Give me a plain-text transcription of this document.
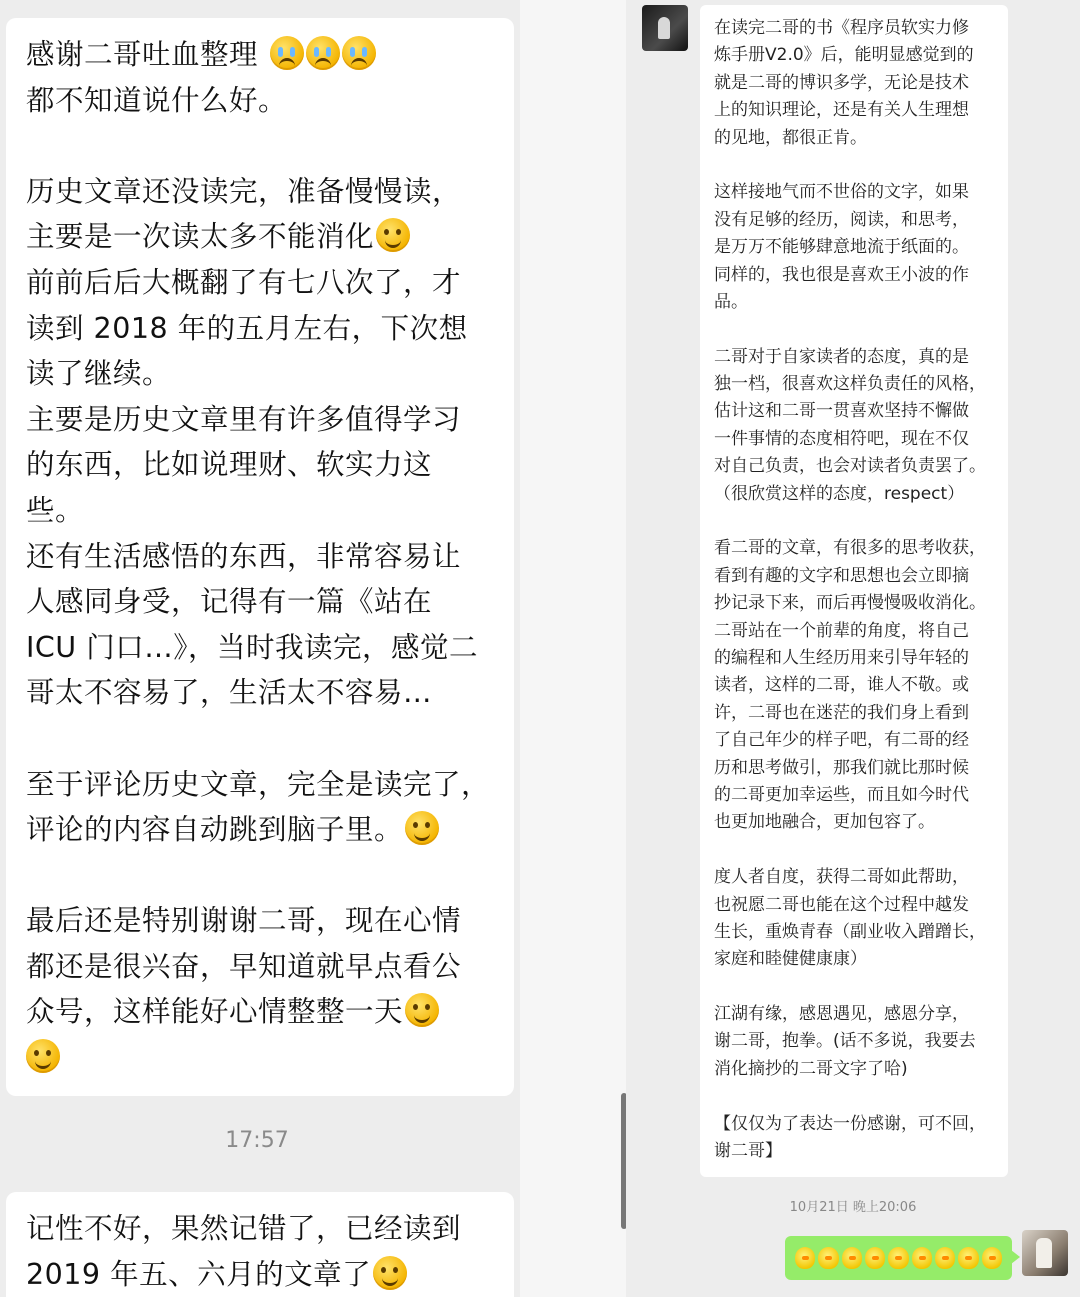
感谢二哥吐血整理
都不知道说什么好。
历史文章还没读完，准备慢慢读，
主要是一次读太多不能消化
前前后后大概翻了有七八次了，才
读到 2018 年的五月左右，下次想
读了继续。
主要是历史文章里有许多值得学习
的东西，比如说理财、软实力这
些。
还有生活感悟的东西，非常容易让
人感同身受，记得有一篇《站在
ICU 门口…》，当时我读完，感觉二
哥太不容易了，生活太不容易…
至于评论历史文章，完全是读完了，
评论的内容自动跳到脑子里。
最后还是特别谢谢二哥，现在心情
都还是很兴奋，早知道就早点看公
众号，这样能好心情整整一天
17:57
记性不好，果然记错了，已经读到
2019 年五、六月的文章了
在读完二哥的书《程序员软实力修
炼手册V2.0》后，能明显感觉到的
就是二哥的博识多学，无论是技术
上的知识理论，还是有关人生理想
的见地，都很正肯。
这样接地气而不世俗的文字，如果
没有足够的经历，阅读，和思考，
是万万不能够肆意地流于纸面的。
同样的，我也很是喜欢王小波的作
品。
二哥对于自家读者的态度，真的是
独一档，很喜欢这样负责任的风格，
估计这和二哥一贯喜欢坚持不懈做
一件事情的态度相符吧，现在不仅
对自己负责，也会对读者负责罢了。
（很欣赏这样的态度，respect）
看二哥的文章，有很多的思考收获，
看到有趣的文字和思想也会立即摘
抄记录下来，而后再慢慢吸收消化。
二哥站在一个前辈的角度，将自己
的编程和人生经历用来引导年轻的
读者，这样的二哥，谁人不敬。或
许，二哥也在迷茫的我们身上看到
了自己年少的样子吧，有二哥的经
历和思考做引，那我们就比那时候
的二哥更加幸运些，而且如今时代
也更加地融合，更加包容了。
度人者自度，获得二哥如此帮助，
也祝愿二哥也能在这个过程中越发
生长，重焕青春（副业收入蹭蹭长，
家庭和睦健健康康）
江湖有缘，感恩遇见，感恩分享，
谢二哥，抱拳。(话不多说，我要去
消化摘抄的二哥文字了哈)
【仅仅为了表达一份感谢，可不回，
谢二哥】
10月21日 晚上20:06
